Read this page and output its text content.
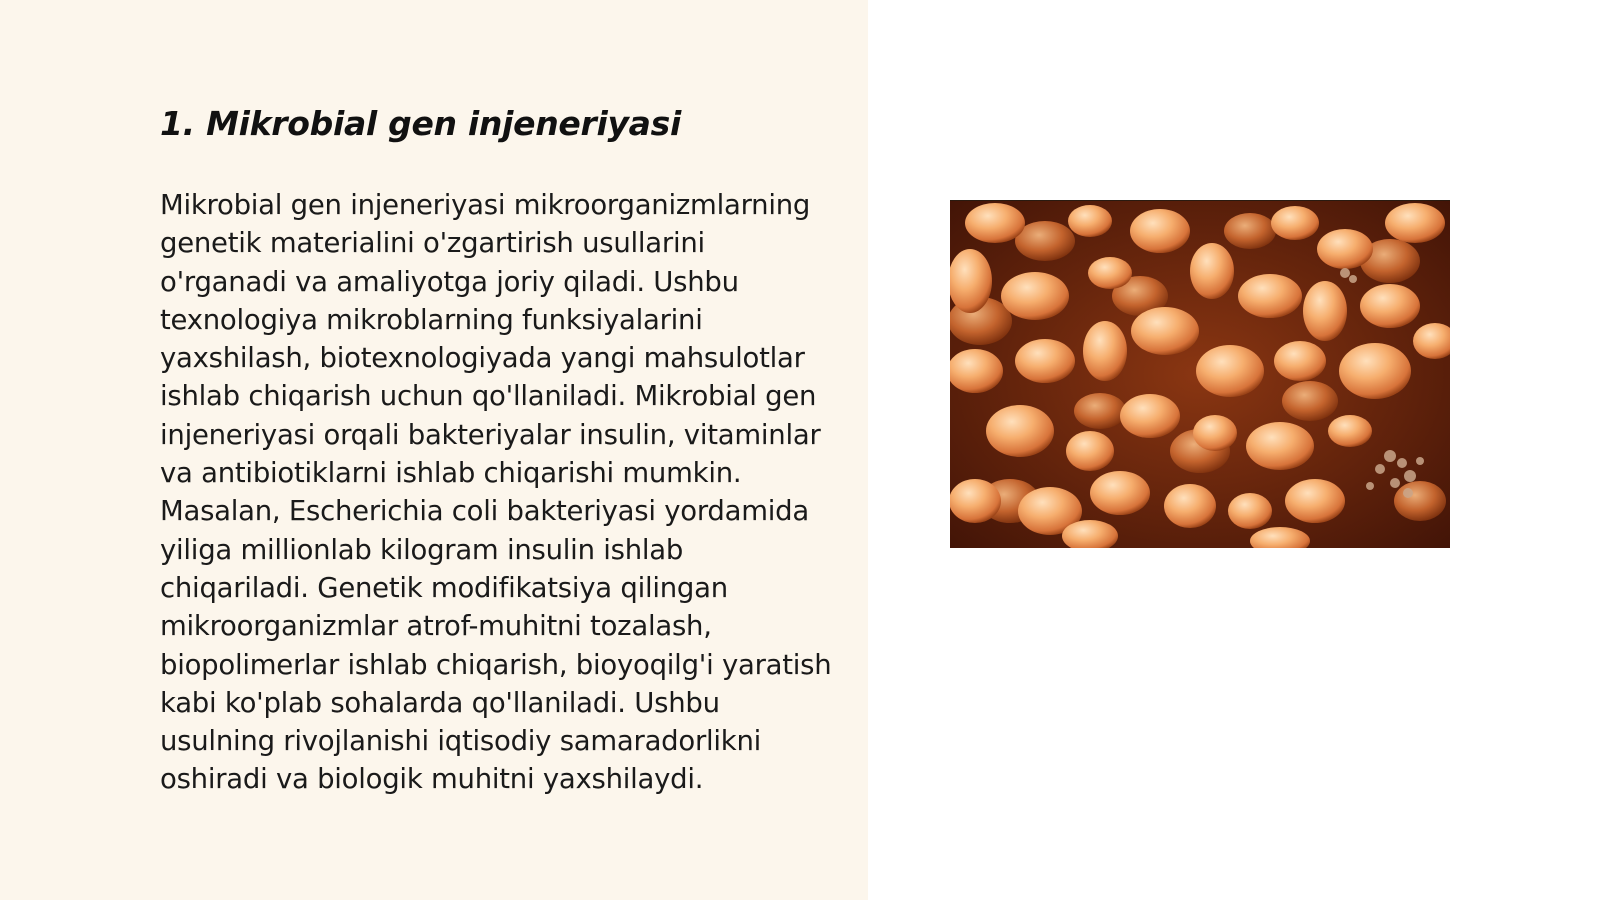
1. Mikrobial gen injeneriyasi

Mikrobial gen injeneriyasi mikroorganizmlarning genetik materialini o'zgartirish usullarini o'rganadi va amaliyotga joriy qiladi. Ushbu texnologiya mikroblarning funksiyalarini yaxshilash, biotexnologiyada yangi mahsulotlar ishlab chiqarish uchun qo'llaniladi. Mikrobial gen injeneriyasi orqali bakteriyalar insulin, vitaminlar va antibiotiklarni ishlab chiqarishi mumkin. Masalan, Escherichia coli bakteriyasi yordamida yiliga millionlab kilogram insulin ishlab chiqariladi. Genetik modifikatsiya qilingan mikroorganizmlar atrof-muhitni tozalash, biopolimerlar ishlab chiqarish, bioyoqilg'i yaratish kabi ko'plab sohalarda qo'llaniladi. Ushbu usulning rivojlanishi iqtisodiy samaradorlikni oshiradi va biologik muhitni yaxshilaydi.
